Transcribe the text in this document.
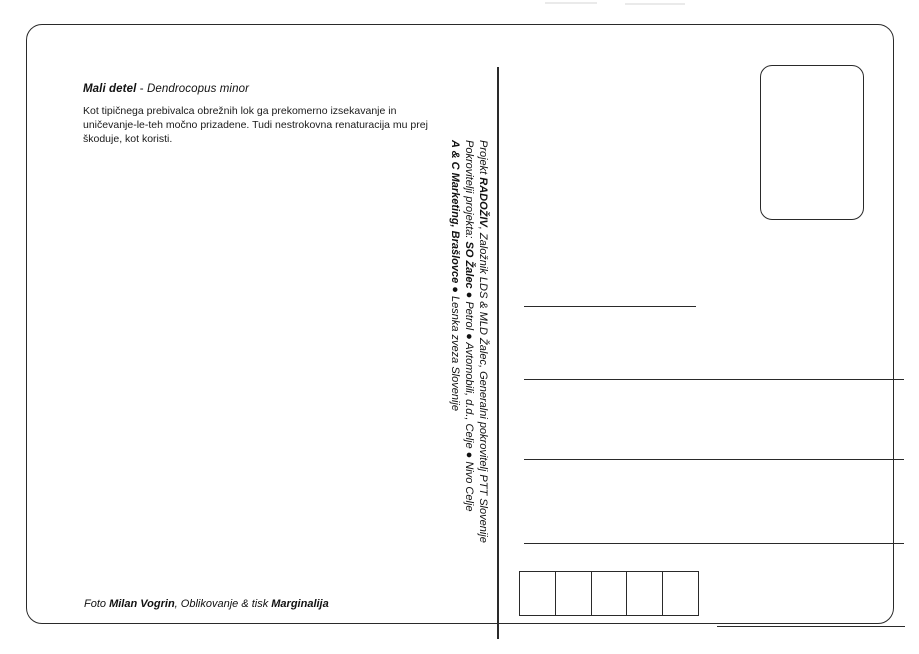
Mali detel - Dendrocopus minor
Kot tipičnega prebivalca obrežnih lok ga prekomerno izsekavanje in uničevanje-le-teh močno prizadene. Tudi nestrokovna renaturacija mu prej škoduje, kot koristi.
Foto Milan Vogrin, Oblikovanje & tisk Marginalija
Projekt RADOŽIV, Založnik LDS & MLD Žalec, Generalni pokrovitelj PTT Slovenije
Pokrovitelji projekta: SO Žalec ● Petrol ● Avtomobili, d.d., Celje ● Nivo Celje
A & C Marketing, Brašlovce ● Lesnka zveza Slovenije
